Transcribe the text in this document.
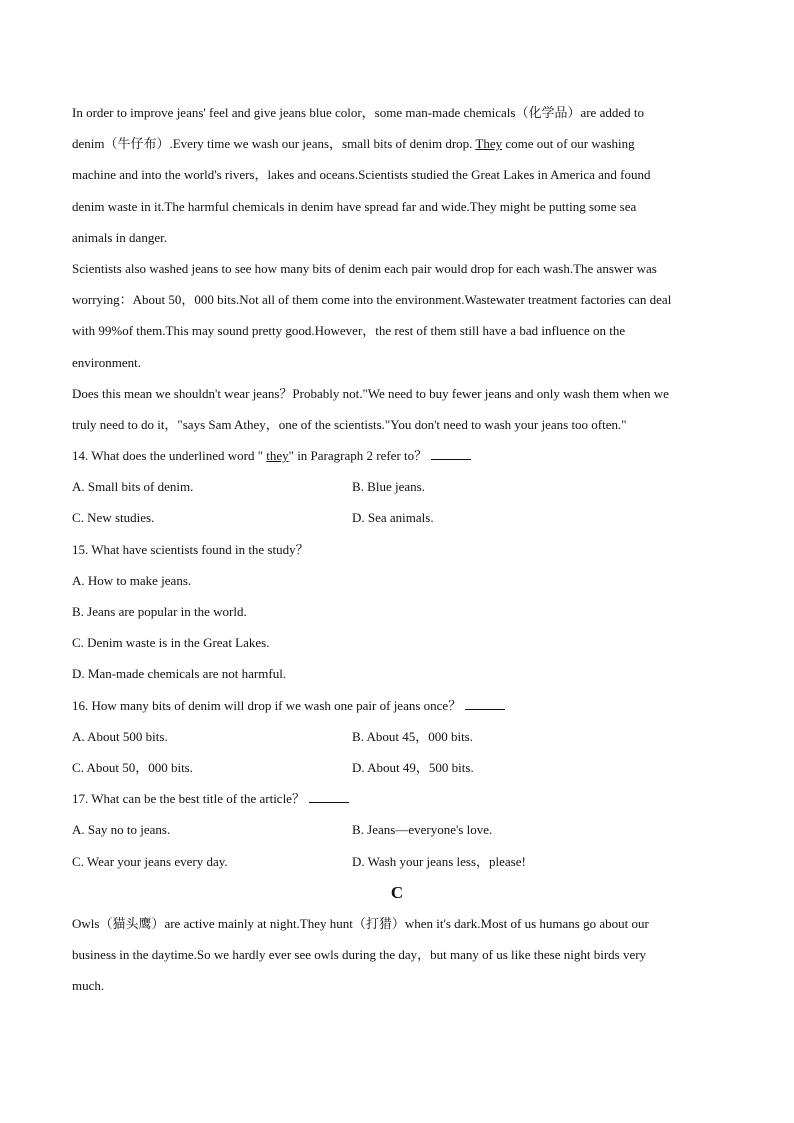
In order to improve jeans' feel and give jeans blue color，some man-made chemicals（化学品）are added to
denim（牛仔布）.Every time we wash our jeans，small bits of denim drop. They come out of our washing
machine and into the world's rivers，lakes and oceans.Scientists studied the Great Lakes in America and found
denim waste in it.The harmful chemicals in denim have spread far and wide.They might be putting some sea
animals in danger.
Scientists also washed jeans to see how many bits of denim each pair would drop for each wash.The answer was
worrying：About 50，000 bits.Not all of them come into the environment.Wastewater treatment factories can deal
with 99%of them.This may sound pretty good.However，the rest of them still have a bad influence on the
environment.
Does this mean we shouldn't wear jeans？Probably not."We need to buy fewer jeans and only wash them when we
truly need to do it，"says Sam Athey，one of the scientists."You don't need to wash your jeans too often."
14. What does the underlined word " they" in Paragraph 2 refer to？
A. Small bits of denim.	B. Blue jeans.
C. New studies.	D. Sea animals.
15. What have scientists found in the study？
A. How to make jeans.
B. Jeans are popular in the world.
C. Denim waste is in the Great Lakes.
D. Man-made chemicals are not harmful.
16. How many bits of denim will drop if we wash one pair of jeans once？
A. About 500 bits.	B. About 45，000 bits.
C. About 50，000 bits.	D. About 49，500 bits.
17. What can be the best title of the article？
A. Say no to jeans.	B. Jeans—everyone's love.
C. Wear your jeans every day.	D. Wash your jeans less，please!
C
Owls（猫头鹰）are active mainly at night.They hunt（打猎）when it's dark.Most of us humans go about our
business in the daytime.So we hardly ever see owls during the day，but many of us like these night birds very
much.
